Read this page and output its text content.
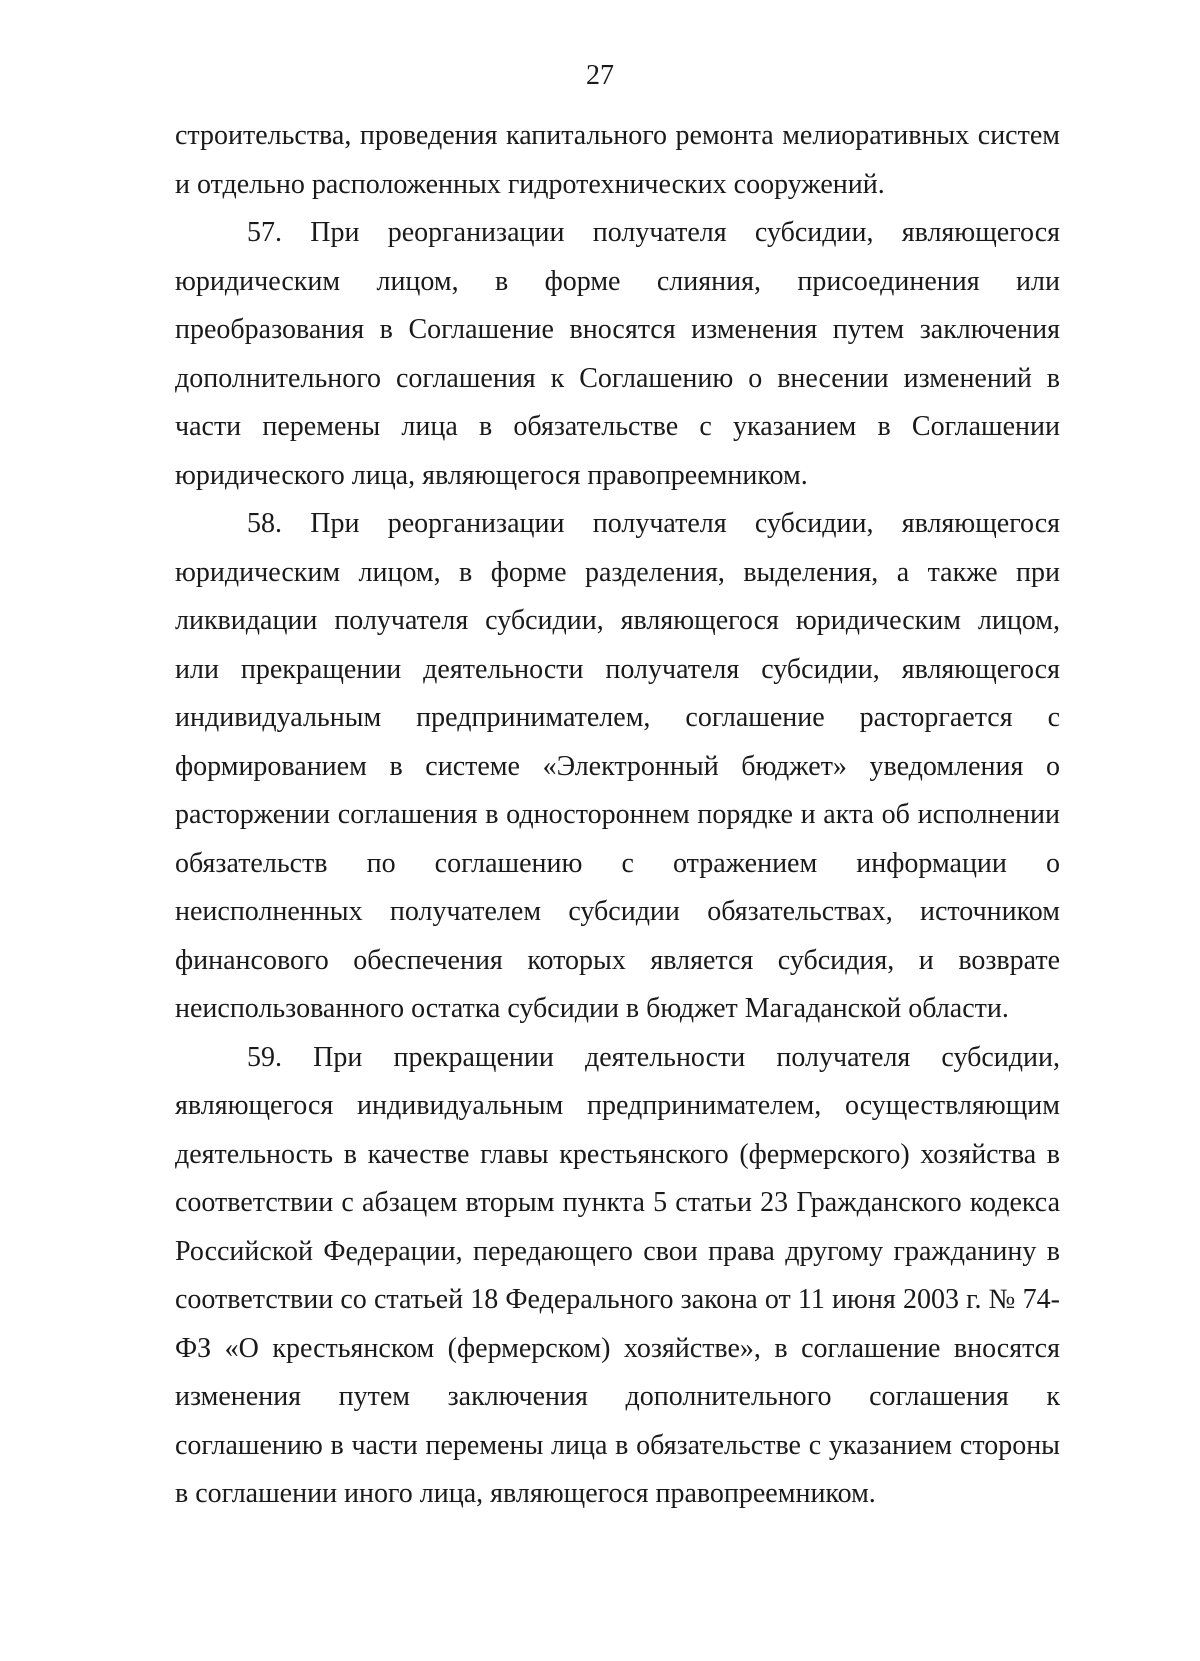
27

строительства, проведения капитального ремонта мелиоративных систем и отдельно расположенных гидротехнических сооружений.

57. При реорганизации получателя субсидии, являющегося юридическим лицом, в форме слияния, присоединения или преобразования в Соглашение вносятся изменения путем заключения дополнительного соглашения к Соглашению о внесении изменений в части перемены лица в обязательстве с указанием в Соглашении юридического лица, являющегося правопреемником.

58. При реорганизации получателя субсидии, являющегося юридическим лицом, в форме разделения, выделения, а также при ликвидации получателя субсидии, являющегося юридическим лицом, или прекращении деятельности получателя субсидии, являющегося индивидуальным предпринимателем, соглашение расторгается с формированием в системе «Электронный бюджет» уведомления о расторжении соглашения в одностороннем порядке и акта об исполнении обязательств по соглашению с отражением информации о неисполненных получателем субсидии обязательствах, источником финансового обеспечения которых является субсидия, и возврате неиспользованного остатка субсидии в бюджет Магаданской области.

59. При прекращении деятельности получателя субсидии, являющегося индивидуальным предпринимателем, осуществляющим деятельность в качестве главы крестьянского (фермерского) хозяйства в соответствии с абзацем вторым пункта 5 статьи 23 Гражданского кодекса Российской Федерации, передающего свои права другому гражданину в соответствии со статьей 18 Федерального закона от 11 июня 2003 г. № 74-ФЗ «О крестьянском (фермерском) хозяйстве», в соглашение вносятся изменения путем заключения дополнительного соглашения к соглашению в части перемены лица в обязательстве с указанием стороны в соглашении иного лица, являющегося правопреемником.
